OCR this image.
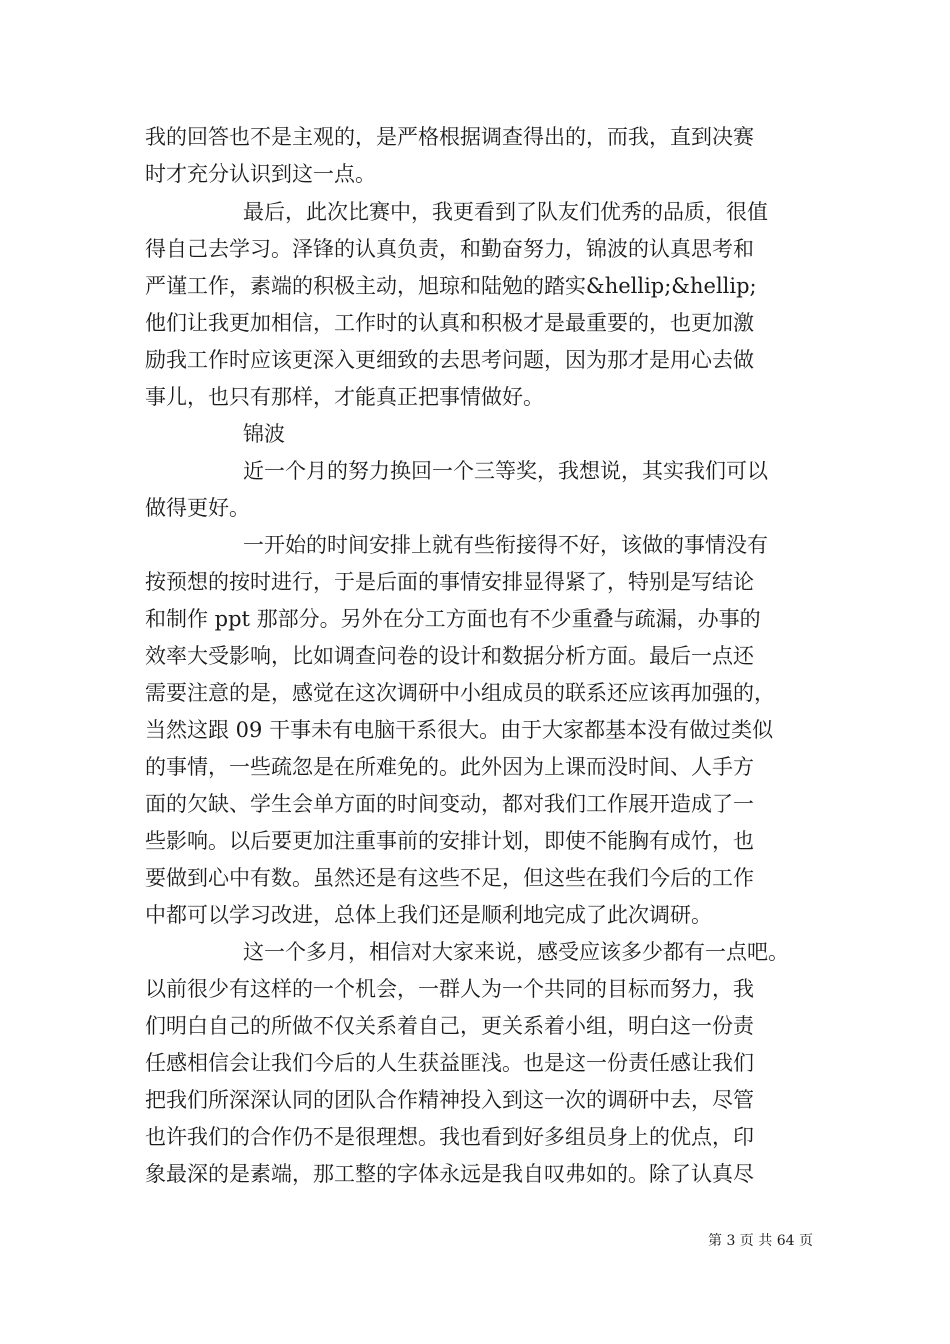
我的回答也不是主观的，是严格根据调查得出的，而我，直到决赛
时才充分认识到这一点。
最后，此次比赛中，我更看到了队友们优秀的品质，很值
得自己去学习。泽锋的认真负责，和勤奋努力，锦波的认真思考和
严谨工作，素端的积极主动，旭琼和陆勉的踏实&hellip;&hellip;
他们让我更加相信，工作时的认真和积极才是最重要的，也更加激
励我工作时应该更深入更细致的去思考问题，因为那才是用心去做
事儿，也只有那样，才能真正把事情做好。
锦波
近一个月的努力换回一个三等奖，我想说，其实我们可以
做得更好。
一开始的时间安排上就有些衔接得不好，该做的事情没有
按预想的按时进行，于是后面的事情安排显得紧了，特别是写结论
和制作 ppt 那部分。另外在分工方面也有不少重叠与疏漏，办事的
效率大受影响，比如调查问卷的设计和数据分析方面。最后一点还
需要注意的是，感觉在这次调研中小组成员的联系还应该再加强的，
当然这跟 09 干事未有电脑干系很大。由于大家都基本没有做过类似
的事情，一些疏忽是在所难免的。此外因为上课而没时间、人手方
面的欠缺、学生会单方面的时间变动，都对我们工作展开造成了一
些影响。以后要更加注重事前的安排计划，即使不能胸有成竹，也
要做到心中有数。虽然还是有这些不足，但这些在我们今后的工作
中都可以学习改进，总体上我们还是顺利地完成了此次调研。
这一个多月，相信对大家来说，感受应该多少都有一点吧。
以前很少有这样的一个机会，一群人为一个共同的目标而努力，我
们明白自己的所做不仅关系着自己，更关系着小组，明白这一份责
任感相信会让我们今后的人生获益匪浅。也是这一份责任感让我们
把我们所深深认同的团队合作精神投入到这一次的调研中去，尽管
也许我们的合作仍不是很理想。我也看到好多组员身上的优点，印
象最深的是素端，那工整的字体永远是我自叹弗如的。除了认真尽
第 3 页 共 64 页
